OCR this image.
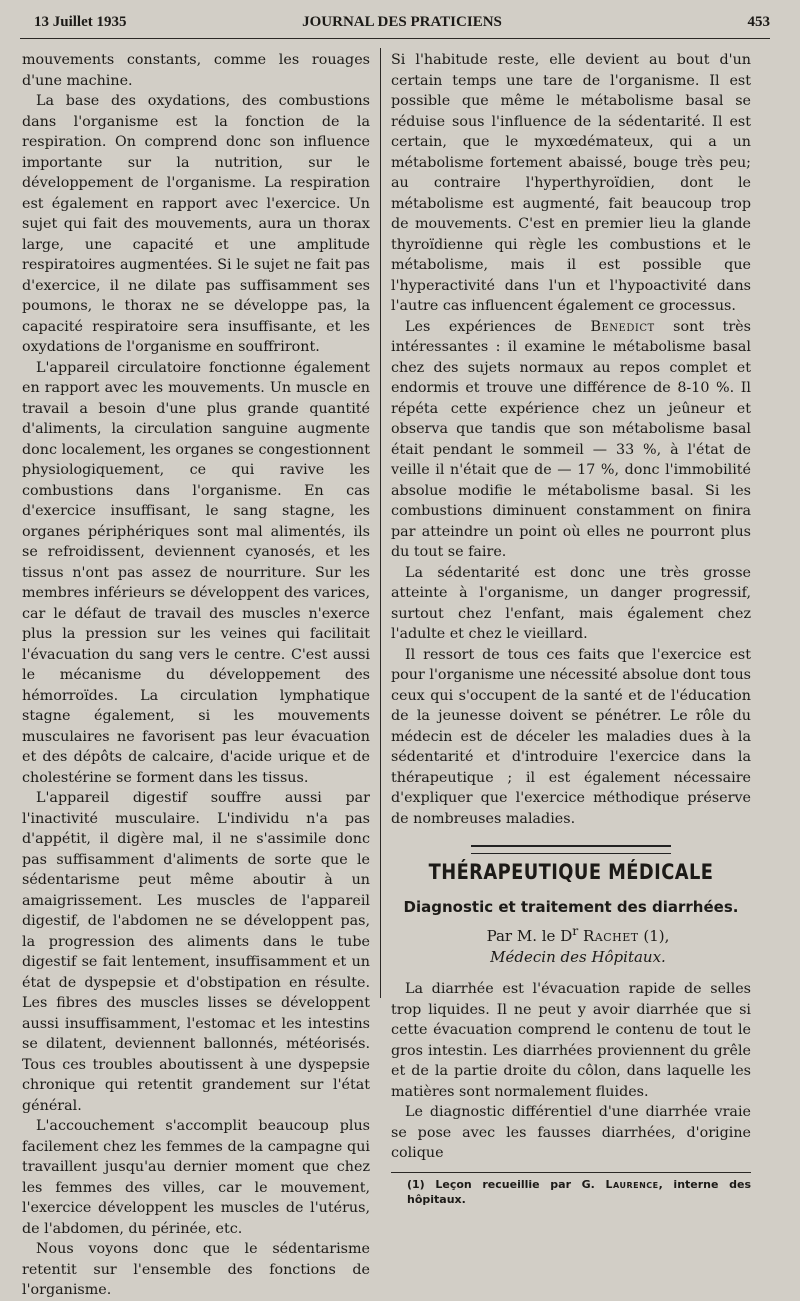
13 Juillet 1935	JOURNAL DES PRATICIENS	453

mouvements constants, comme les rouages d'une machine.

La base des oxydations, des combustions dans l'organisme est la fonction de la respiration. On comprend donc son influence importante sur la nutrition, sur le développement de l'organisme. La respiration est également en rapport avec l'exercice. Un sujet qui fait des mouvements, aura un thorax large, une capacité et une amplitude respiratoires augmentées. Si le sujet ne fait pas d'exercice, il ne dilate pas suffisamment ses poumons, le thorax ne se développe pas, la capacité respiratoire sera insuffisante, et les oxydations de l'organisme en souffriront.

L'appareil circulatoire fonctionne également en rapport avec les mouvements. Un muscle en travail a besoin d'une plus grande quantité d'aliments, la circulation sanguine augmente donc localement, les organes se congestionnent physiologiquement, ce qui ravive les combustions dans l'organisme. En cas d'exercice insuffisant, le sang stagne, les organes périphériques sont mal alimentés, ils se refroidissent, deviennent cyanosés, et les tissus n'ont pas assez de nourriture. Sur les membres inférieurs se développent des varices, car le défaut de travail des muscles n'exerce plus la pression sur les veines qui facilitait l'évacuation du sang vers le centre. C'est aussi le mécanisme du développement des hémorroïdes. La circulation lymphatique stagne également, si les mouvements musculaires ne favorisent pas leur évacuation et des dépôts de calcaire, d'acide urique et de cholestérine se forment dans les tissus.

L'appareil digestif souffre aussi par l'inactivité musculaire. L'individu n'a pas d'appétit, il digère mal, il ne s'assimile donc pas suffisamment d'aliments de sorte que le sédentarisme peut même aboutir à un amaigrissement. Les muscles de l'appareil digestif, de l'abdomen ne se développent pas, la progression des aliments dans le tube digestif se fait lentement, insuffisamment et un état de dyspepsie et d'obstipation en résulte. Les fibres des muscles lisses se développent aussi insuffisamment, l'estomac et les intestins se dilatent, deviennent ballonnés, météorisés. Tous ces troubles aboutissent à une dyspepsie chronique qui retentit grandement sur l'état général.

L'accouchement s'accomplit beaucoup plus facilement chez les femmes de la campagne qui travaillent jusqu'au dernier moment que chez les femmes des villes, car le mouvement, l'exercice développent les muscles de l'utérus, de l'abdomen, du périnée, etc.

Nous voyons donc que le sédentarisme retentit sur l'ensemble des fonctions de l'organisme.

Si l'habitude reste, elle devient au bout d'un certain temps une tare de l'organisme. Il est possible que même le métabolisme basal se réduise sous l'influence de la sédentarité. Il est certain, que le myxœdémateux, qui a un métabolisme fortement abaissé, bouge très peu; au contraire l'hyperthyroïdien, dont le métabolisme est augmenté, fait beaucoup trop de mouvements. C'est en premier lieu la glande thyroïdienne qui règle les combustions et le métabolisme, mais il est possible que l'hyperactivité dans l'un et l'hypoactivité dans l'autre cas influencent également ce grocessus.

Les expériences de Benedict sont très intéressantes : il examine le métabolisme basal chez des sujets normaux au repos complet et endormis et trouve une différence de 8-10 %. Il répéta cette expérience chez un jeûneur et observa que tandis que son métabolisme basal était pendant le sommeil — 33 %, à l'état de veille il n'était que de — 17 %, donc l'immobilité absolue modifie le métabolisme basal. Si les combustions diminuent constamment on finira par atteindre un point où elles ne pourront plus du tout se faire.

La sédentarité est donc une très grosse atteinte à l'organisme, un danger progressif, surtout chez l'enfant, mais également chez l'adulte et chez le vieillard.

Il ressort de tous ces faits que l'exercice est pour l'organisme une nécessité absolue dont tous ceux qui s'occupent de la santé et de l'éducation de la jeunesse doivent se pénétrer. Le rôle du médecin est de déceler les maladies dues à la sédentarité et d'introduire l'exercice dans la thérapeutique ; il est également nécessaire d'expliquer que l'exercice méthodique préserve de nombreuses maladies.

THÉRAPEUTIQUE MÉDICALE
Diagnostic et traitement des diarrhées.

Par M. le $D^r$ Rachet (1),

Médecin des Hôpitaux.

La diarrhée est l'évacuation rapide de selles trop liquides. Il ne peut y avoir diarrhée que si cette évacuation comprend le contenu de tout le gros intestin. Les diarrhées proviennent du grêle et de la partie droite du côlon, dans laquelle les matières sont normalement fluides.

Le diagnostic différentiel d'une diarrhée vraie se pose avec les fausses diarrhées, d'origine colique

(1) Leçon recueillie par G. Laurence, interne des hôpitaux.
